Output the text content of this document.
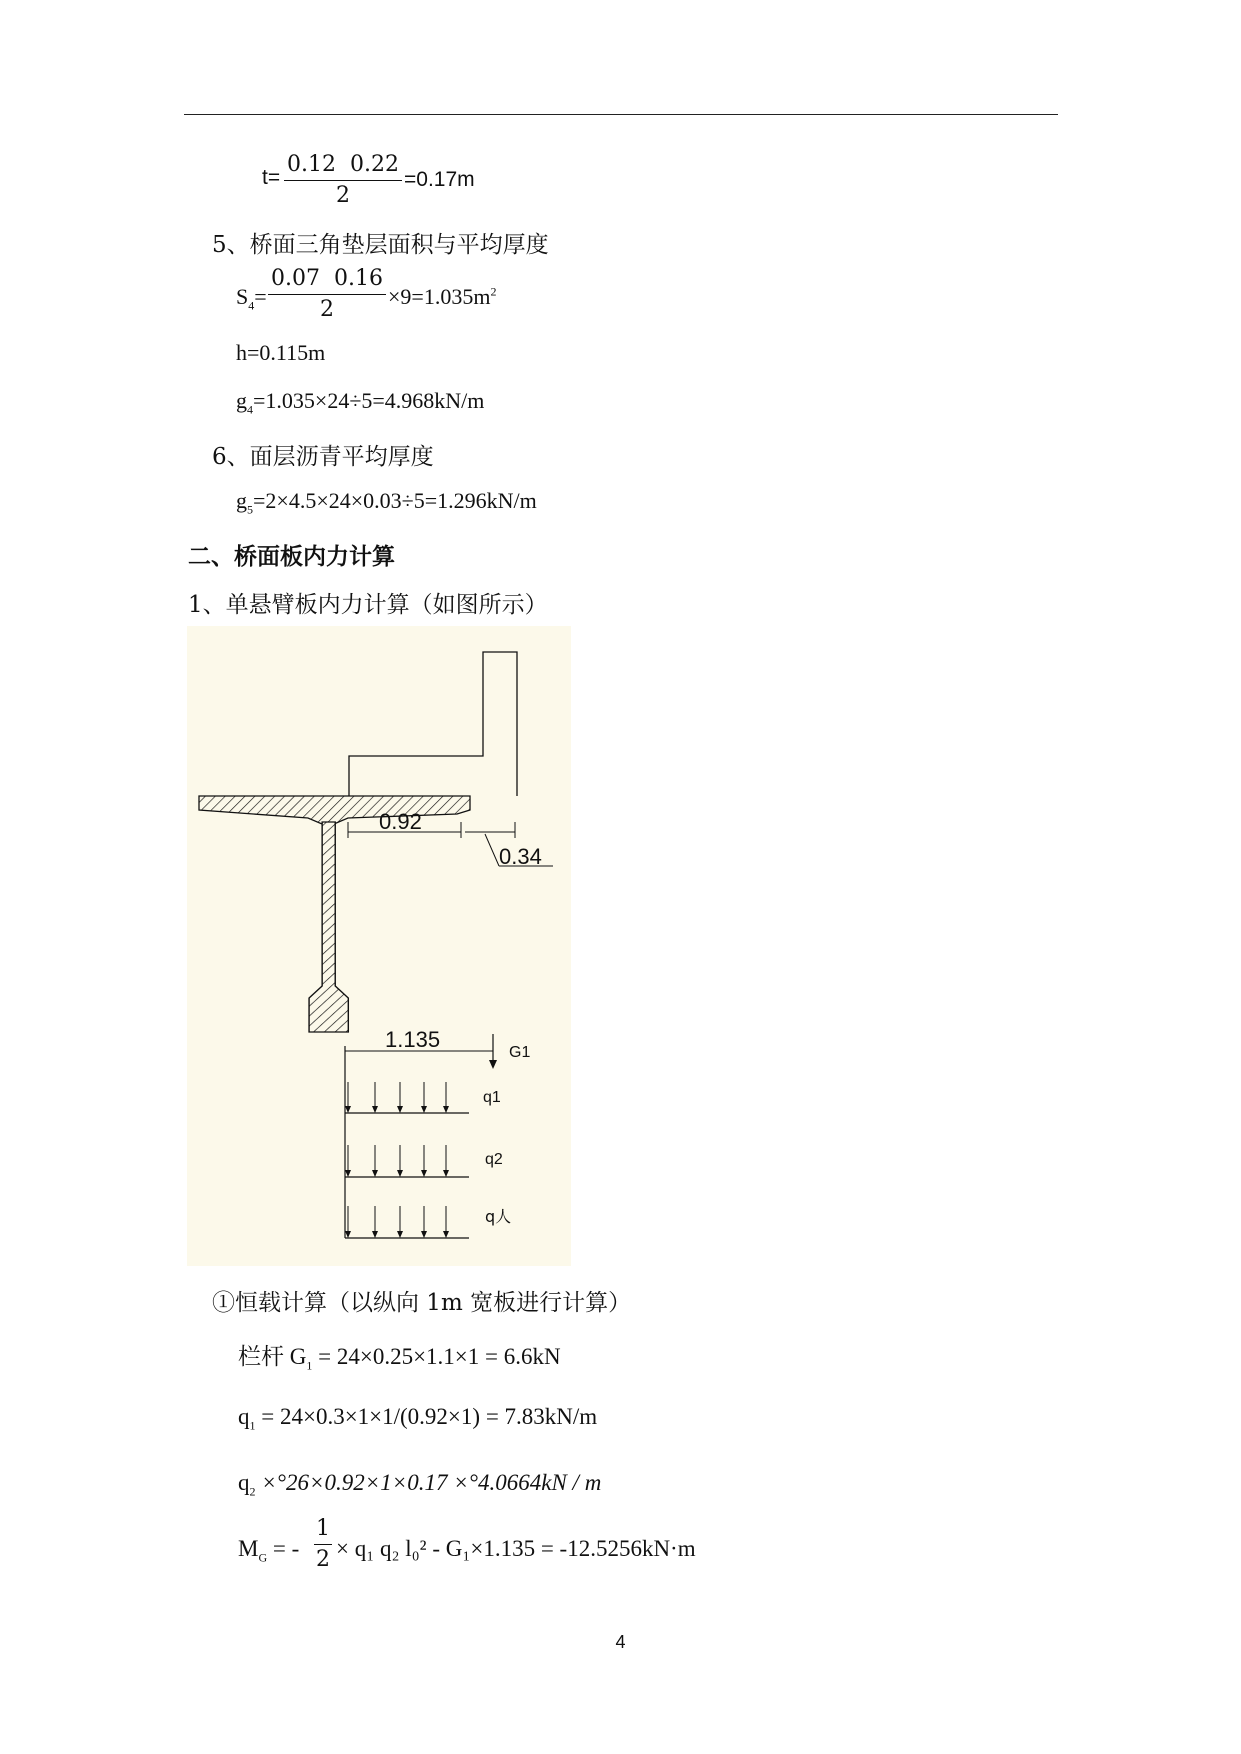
t=
0.12  0.22
2
=0.17m
5、桥面三角垫层面积与平均厚度
$S_4=$
0.07  0.16
2
$\times 9=1.035m^2$
h=0.115m
$g_4=1.035\times 24\div 5=4.968kN/m$
6、面层沥青平均厚度
$g_5=2\times 4.5\times 24\times 0.03\div 5=1.296kN/m$
二、桥面板内力计算
1、单悬臂板内力计算（如图所示）
0.92
0.34
1.135
G1
q1
q2
q人
①恒载计算（以纵向 1m 宽板进行计算）
栏杆 $G_1 = 24\times 0.25\times 1.1\times 1 = 6.6kN$
$q_1 = 24\times 0.3\times 1\times 1/(0.92\times 1) = 7.83kN/m$
$q_2 \times^\circ 26\times 0.92\times 1\times 0.17 \times^\circ 4.0664kN / m$
$M_G$ = -
1
2 × q₁ q₂ l₀² - G₁×1.135 = -12.5256kN·m
4
